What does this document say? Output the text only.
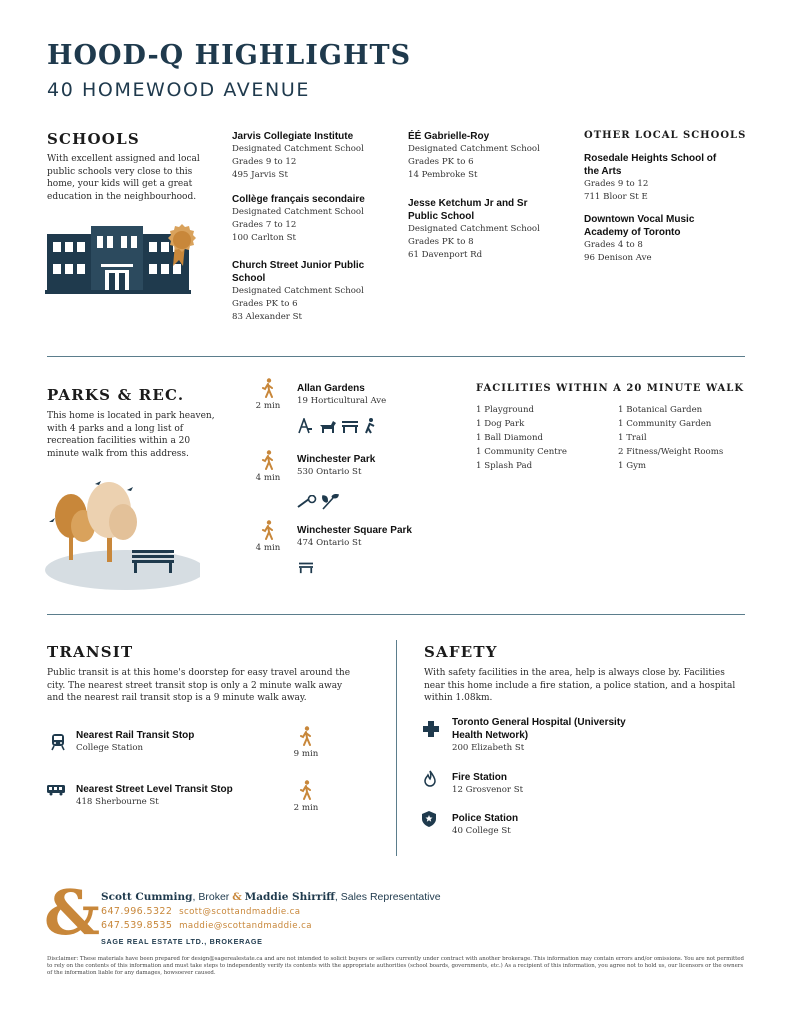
HOOD-Q HIGHLIGHTS
40 HOMEWOOD AVENUE
SCHOOLS
With excellent assigned and local public schools very close to this home, your kids will get a great education in the neighbourhood.
Jarvis Collegiate Institute
Designated Catchment School
Grades 9 to 12
495 Jarvis St
Collège français secondaire
Designated Catchment School
Grades 7 to 12
100 Carlton St
Church Street Junior Public School
Designated Catchment School
Grades PK to 6
83 Alexander St
ÉÉ Gabrielle-Roy
Designated Catchment School
Grades PK to 6
14 Pembroke St
Jesse Ketchum Jr and Sr Public School
Designated Catchment School
Grades PK to 8
61 Davenport Rd
OTHER LOCAL SCHOOLS
Rosedale Heights School of the Arts
Grades 9 to 12
711 Bloor St E
Downtown Vocal Music Academy of Toronto
Grades 4 to 8
96 Denison Ave
PARKS & REC.
This home is located in park heaven, with 4 parks and a long list of recreation facilities within a 20 minute walk from this address.
2 min
Allan Gardens
19 Horticultural Ave
4 min
Winchester Park
530 Ontario St
4 min
Winchester Square Park
474 Ontario St
FACILITIES WITHIN A 20 MINUTE WALK
1 Playground
1 Dog Park
1 Ball Diamond
1 Community Centre
1 Splash Pad
1 Botanical Garden
1 Community Garden
1 Trail
2 Fitness/Weight Rooms
1 Gym
TRANSIT
Public transit is at this home's doorstep for easy travel around the city. The nearest street transit stop is only a 2 minute walk away and the nearest rail transit stop is a 9 minute walk away.
Nearest Rail Transit Stop
College Station
9 min
Nearest Street Level Transit Stop
418 Sherbourne St
2 min
SAFETY
With safety facilities in the area, help is always close by. Facilities near this home include a fire station, a police station, and a hospital within 1.08km.
Toronto General Hospital (University Health Network)
200 Elizabeth St
Fire Station
12 Grosvenor St
Police Station
40 College St
& Scott Cumming, Broker & Maddie Shirriff, Sales Representative
647.996.5322 scott@scottandmaddie.ca
647.539.8535 maddie@scottandmaddie.ca
SAGE REAL ESTATE LTD., BROKERAGE
Disclaimer: These materials have been prepared for design@sagerealestate.ca and are not intended to solicit buyers or sellers currently under contract with another brokerage. This information may contain errors and/or omissions. You are not permitted to rely on the contents of this information and must take steps to independently verify its contents with the appropriate authorities (school boards, governments, etc.) As a recipient of this information, you agree not to hold us, our licensors or the owners of the information liable for any damages, howsoever caused.
